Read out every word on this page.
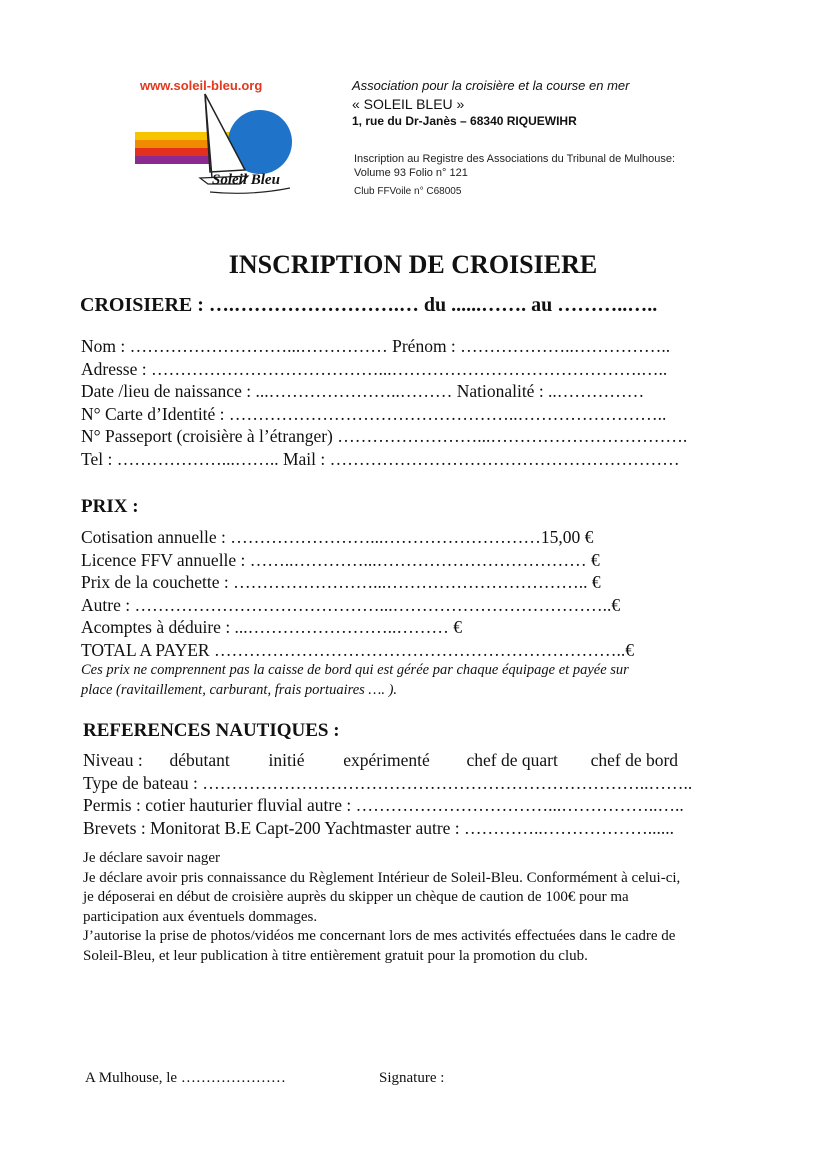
www.soleil-bleu.org
Soleil Bleu
Association pour la croisière et la course en mer
« SOLEIL BLEU »
1, rue du Dr-Janès – 68340 RIQUEWIHR
Inscription au Registre des Associations du Tribunal de Mulhouse:
Volume 93 Folio n° 121
Club FFVoile n° C68005
INSCRIPTION DE CROISIERE
CROISIERE : ….…………………….… du ......……. au ………..…..
Nom : ………………………...…………… Prénom : ………………..……………..
Adresse : …………………………………...…………………………………….…..
Date /lieu de naissance : ...…………………..……… Nationalité : ..……………
N° Carte d’Identité : …………………………………………..……………………..
N° Passeport (croisière à l’étranger) ……………………...…………………………….
Tel : ………………...…….. Mail : ……………………………………………………
PRIX :
Cotisation annuelle : ……………………...………………………15,00 €
Licence FFV annuelle : ……..…………...……………………………… €
Prix de la couchette : ……………………...…………………………….. €
Autre : ……………………………………...………………………………..€
Acomptes à déduire : ...……………………..……… €
TOTAL A PAYER ……………………………………………………………..€
Ces prix ne comprennent pas la caisse de bord qui est gérée par chaque équipage et payée sur
place (ravitaillement, carburant, frais portuaires …. ).
REFERENCES NAUTIQUES :
Niveau : débutant initié expérimenté chef de quart chef de bord
Type de bateau : …………………………………………………………………..……..
Permis : cotier hauturier fluvial autre : ……………………………...……………..…..
Brevets : Monitorat B.E Capt-200 Yachtmaster autre : …………..………………......
Je déclare savoir nager
Je déclare avoir pris connaissance du Règlement Intérieur de Soleil-Bleu. Conformément à celui-ci,
je déposerai en début de croisière auprès du skipper un chèque de caution de 100€ pour ma
participation aux éventuels dommages.
J’autorise la prise de photos/vidéos me concernant lors de mes activités effectuées dans le cadre de
Soleil-Bleu, et leur publication à titre entièrement gratuit pour la promotion du club.
A Mulhouse, le …………………	Signature :
